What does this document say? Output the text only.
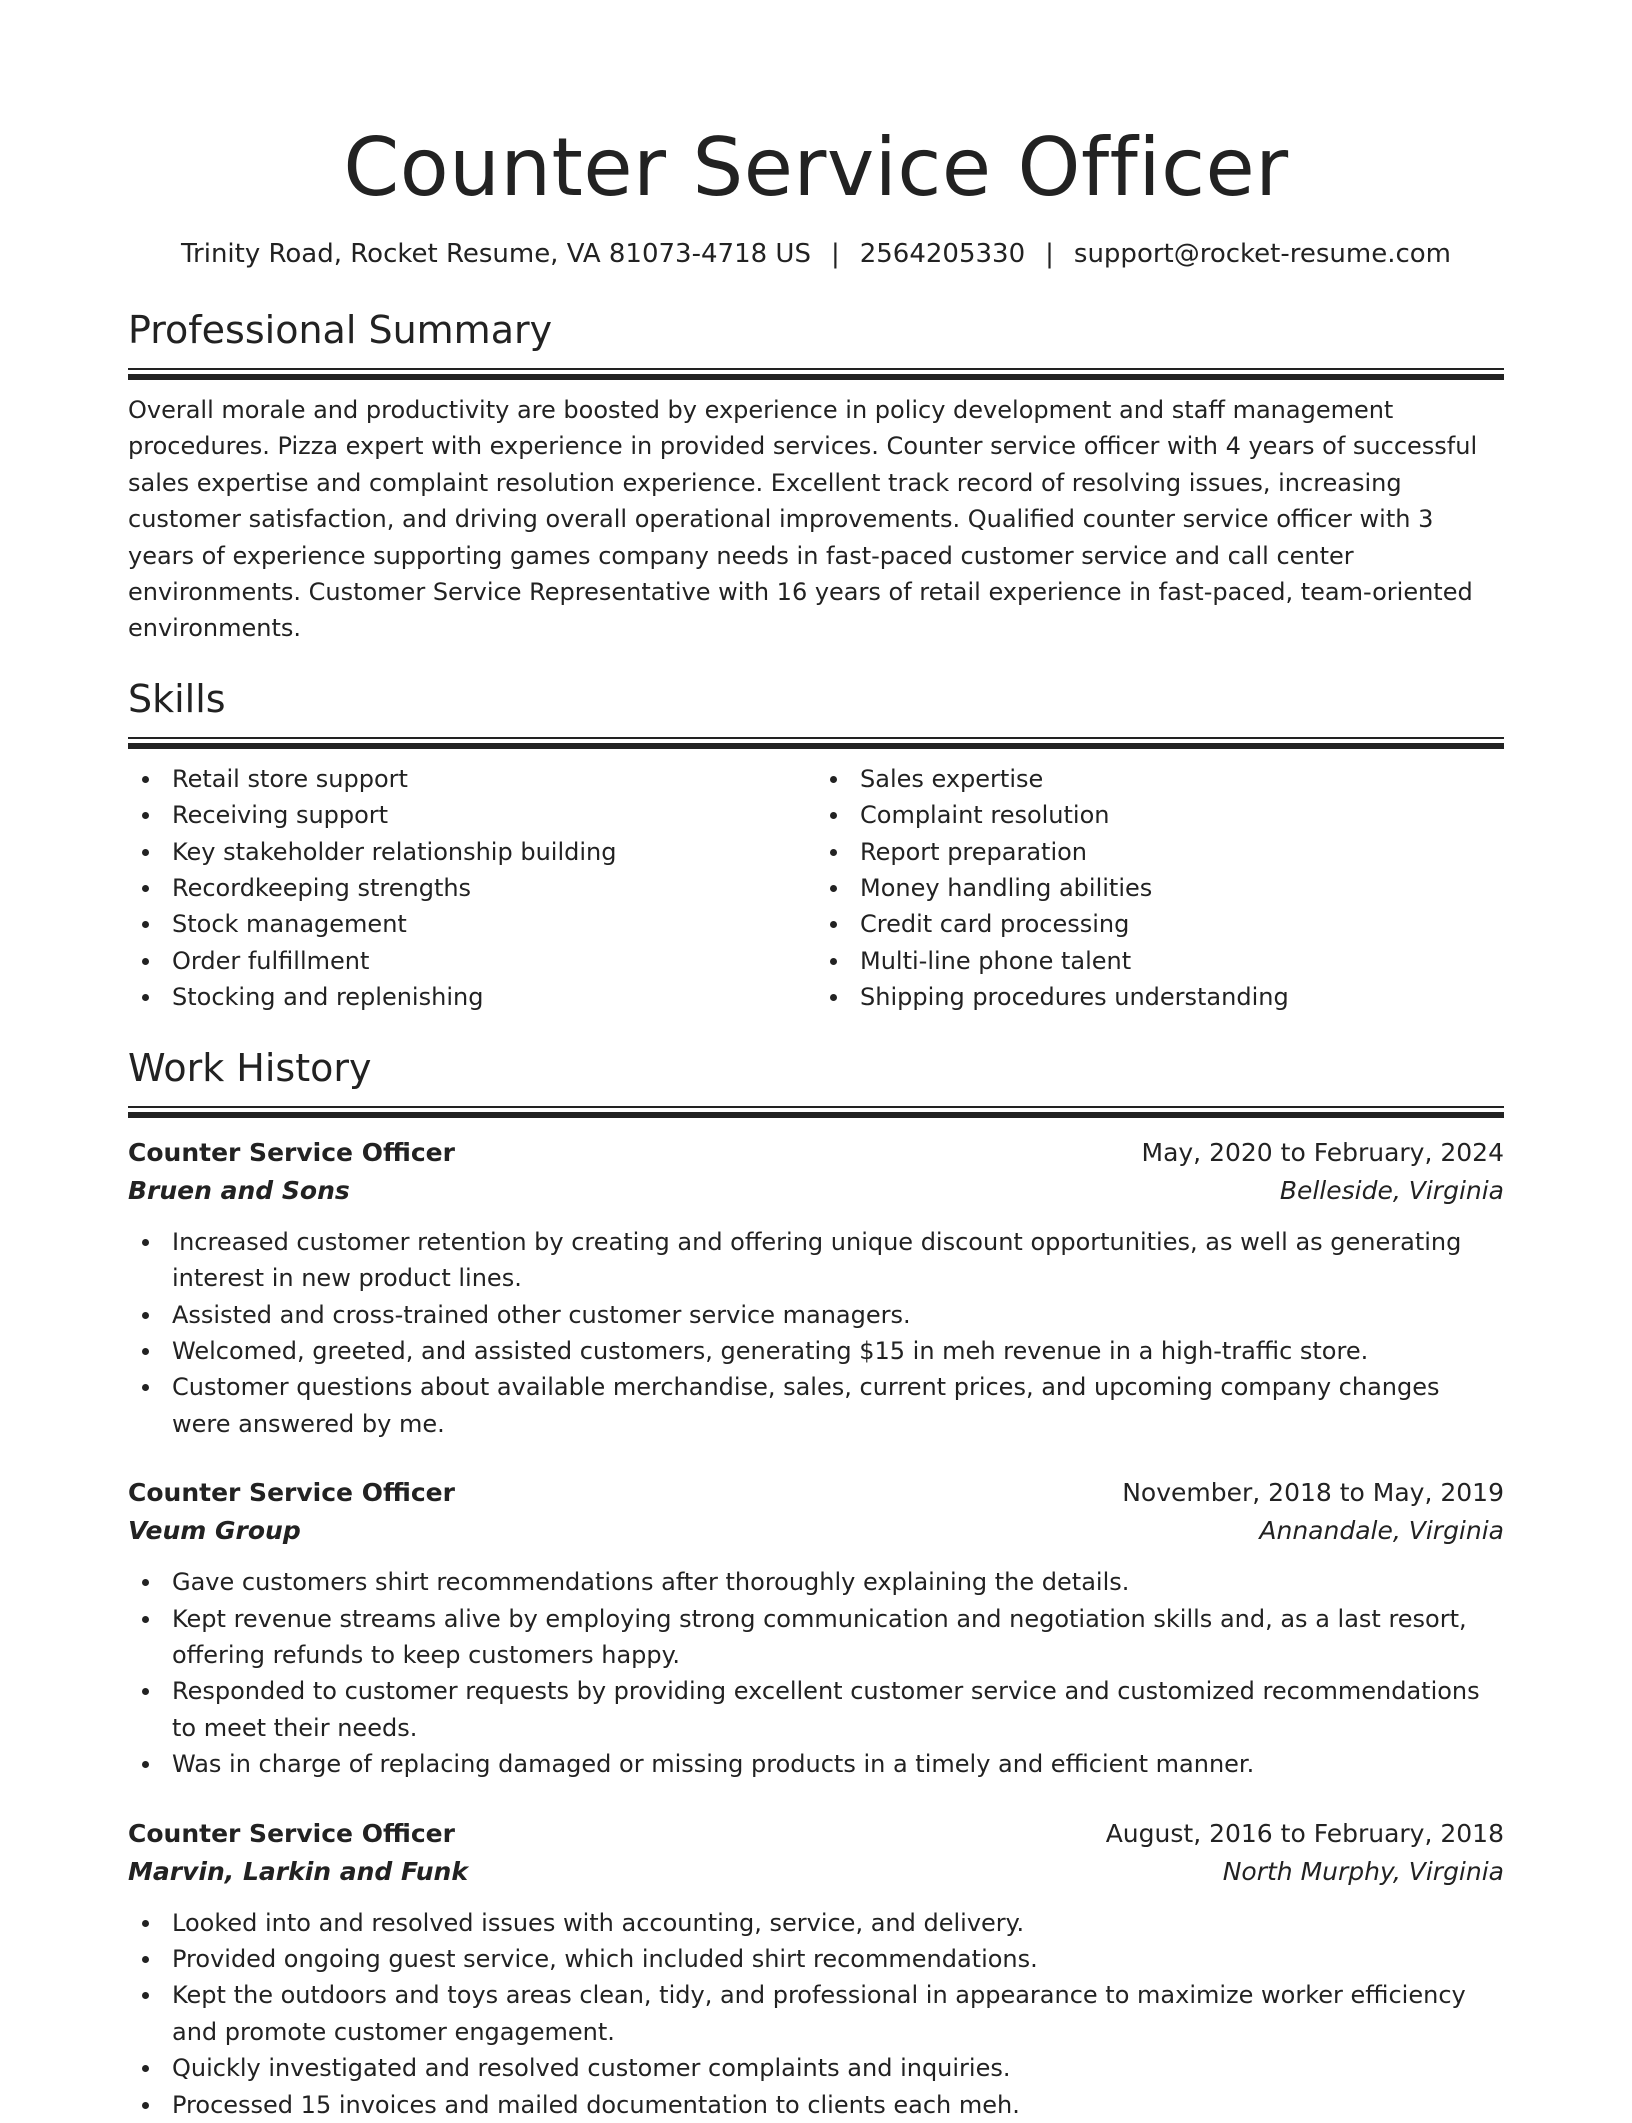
Counter Service Officer
Trinity Road, Rocket Resume, VA 81073-4718 US | 2564205330 | support@rocket-resume.com
Professional Summary

Overall morale and productivity are boosted by experience in policy development and staff management procedures. Pizza expert with experience in provided services. Counter service officer with 4 years of successful sales expertise and complaint resolution experience. Excellent track record of resolving issues, increasing customer satisfaction, and driving overall operational improvements. Qualified counter service officer with 3 years of experience supporting games company needs in fast-paced customer service and call center environments. Customer Service Representative with 16 years of retail experience in fast-paced, team-oriented environments.

Skills
Retail store support
Receiving support
Key stakeholder relationship building
Recordkeeping strengths
Stock management
Order fulfillment
Stocking and replenishing
Sales expertise
Complaint resolution
Report preparation
Money handling abilities
Credit card processing
Multi-line phone talent
Shipping procedures understanding
Work History
Counter Service Officer	May, 2020 to February, 2024
Bruen and Sons	Belleside, Virginia
Increased customer retention by creating and offering unique discount opportunities, as well as generating interest in new product lines.
Assisted and cross-trained other customer service managers.
Welcomed, greeted, and assisted customers, generating $15 in meh revenue in a high-traffic store.
Customer questions about available merchandise, sales, current prices, and upcoming company changes were answered by me.
Counter Service Officer	November, 2018 to May, 2019
Veum Group	Annandale, Virginia
Gave customers shirt recommendations after thoroughly explaining the details.
Kept revenue streams alive by employing strong communication and negotiation skills and, as a last resort, offering refunds to keep customers happy.
Responded to customer requests by providing excellent customer service and customized recommendations to meet their needs.
Was in charge of replacing damaged or missing products in a timely and efficient manner.
Counter Service Officer	August, 2016 to February, 2018
Marvin, Larkin and Funk	North Murphy, Virginia
Looked into and resolved issues with accounting, service, and delivery.
Provided ongoing guest service, which included shirt recommendations.
Kept the outdoors and toys areas clean, tidy, and professional in appearance to maximize worker efficiency and promote customer engagement.
Quickly investigated and resolved customer complaints and inquiries.
Processed 15 invoices and mailed documentation to clients each meh.
